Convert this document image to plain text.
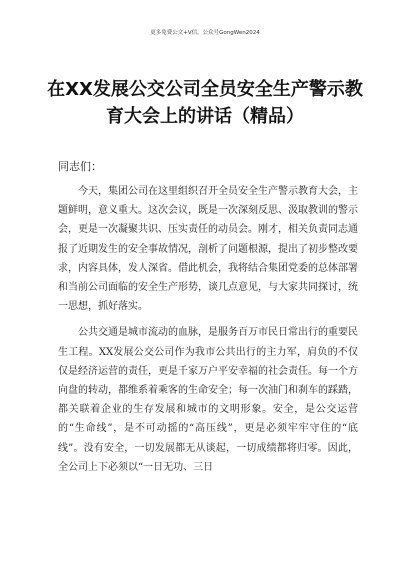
更多免费公文+V信，公众号GongWen2024
在XX发展公交公司全员安全生产警示教
育大会上的讲话（精品）
同志们：

今天，集团公司在这里组织召开全员安全生产警示教育大会，主题鲜明，意义重大。这次会议，既是一次深刻反思、汲取教训的警示会，更是一次凝聚共识、压实责任的动员会。刚才，相关负责同志通报了近期发生的安全事故情况，剖析了问题根源，提出了初步整改要求，内容具体，发人深省。借此机会，我将结合集团党委的总体部署和当前公司面临的安全生产形势，谈几点意见，与大家共同探讨，统一思想，抓好落实。

公共交通是城市流动的血脉，是服务百万市民日常出行的重要民生工程。XX发展公交公司作为我市公共出行的主力军，肩负的不仅仅是经济运营的责任，更是千家万户平安幸福的社会责任。每一个方向盘的转动，都维系着乘客的生命安全；每一次油门和刹车的踩踏，都关联着企业的生存发展和城市的文明形象。安全，是公交运营的“生命线”，是不可动摇的“高压线”，更是必须牢牢守住的“底线”。没有安全，一切发展都无从谈起，一切成绩都将归零。因此，全公司上下必须以“一日无功、三日
